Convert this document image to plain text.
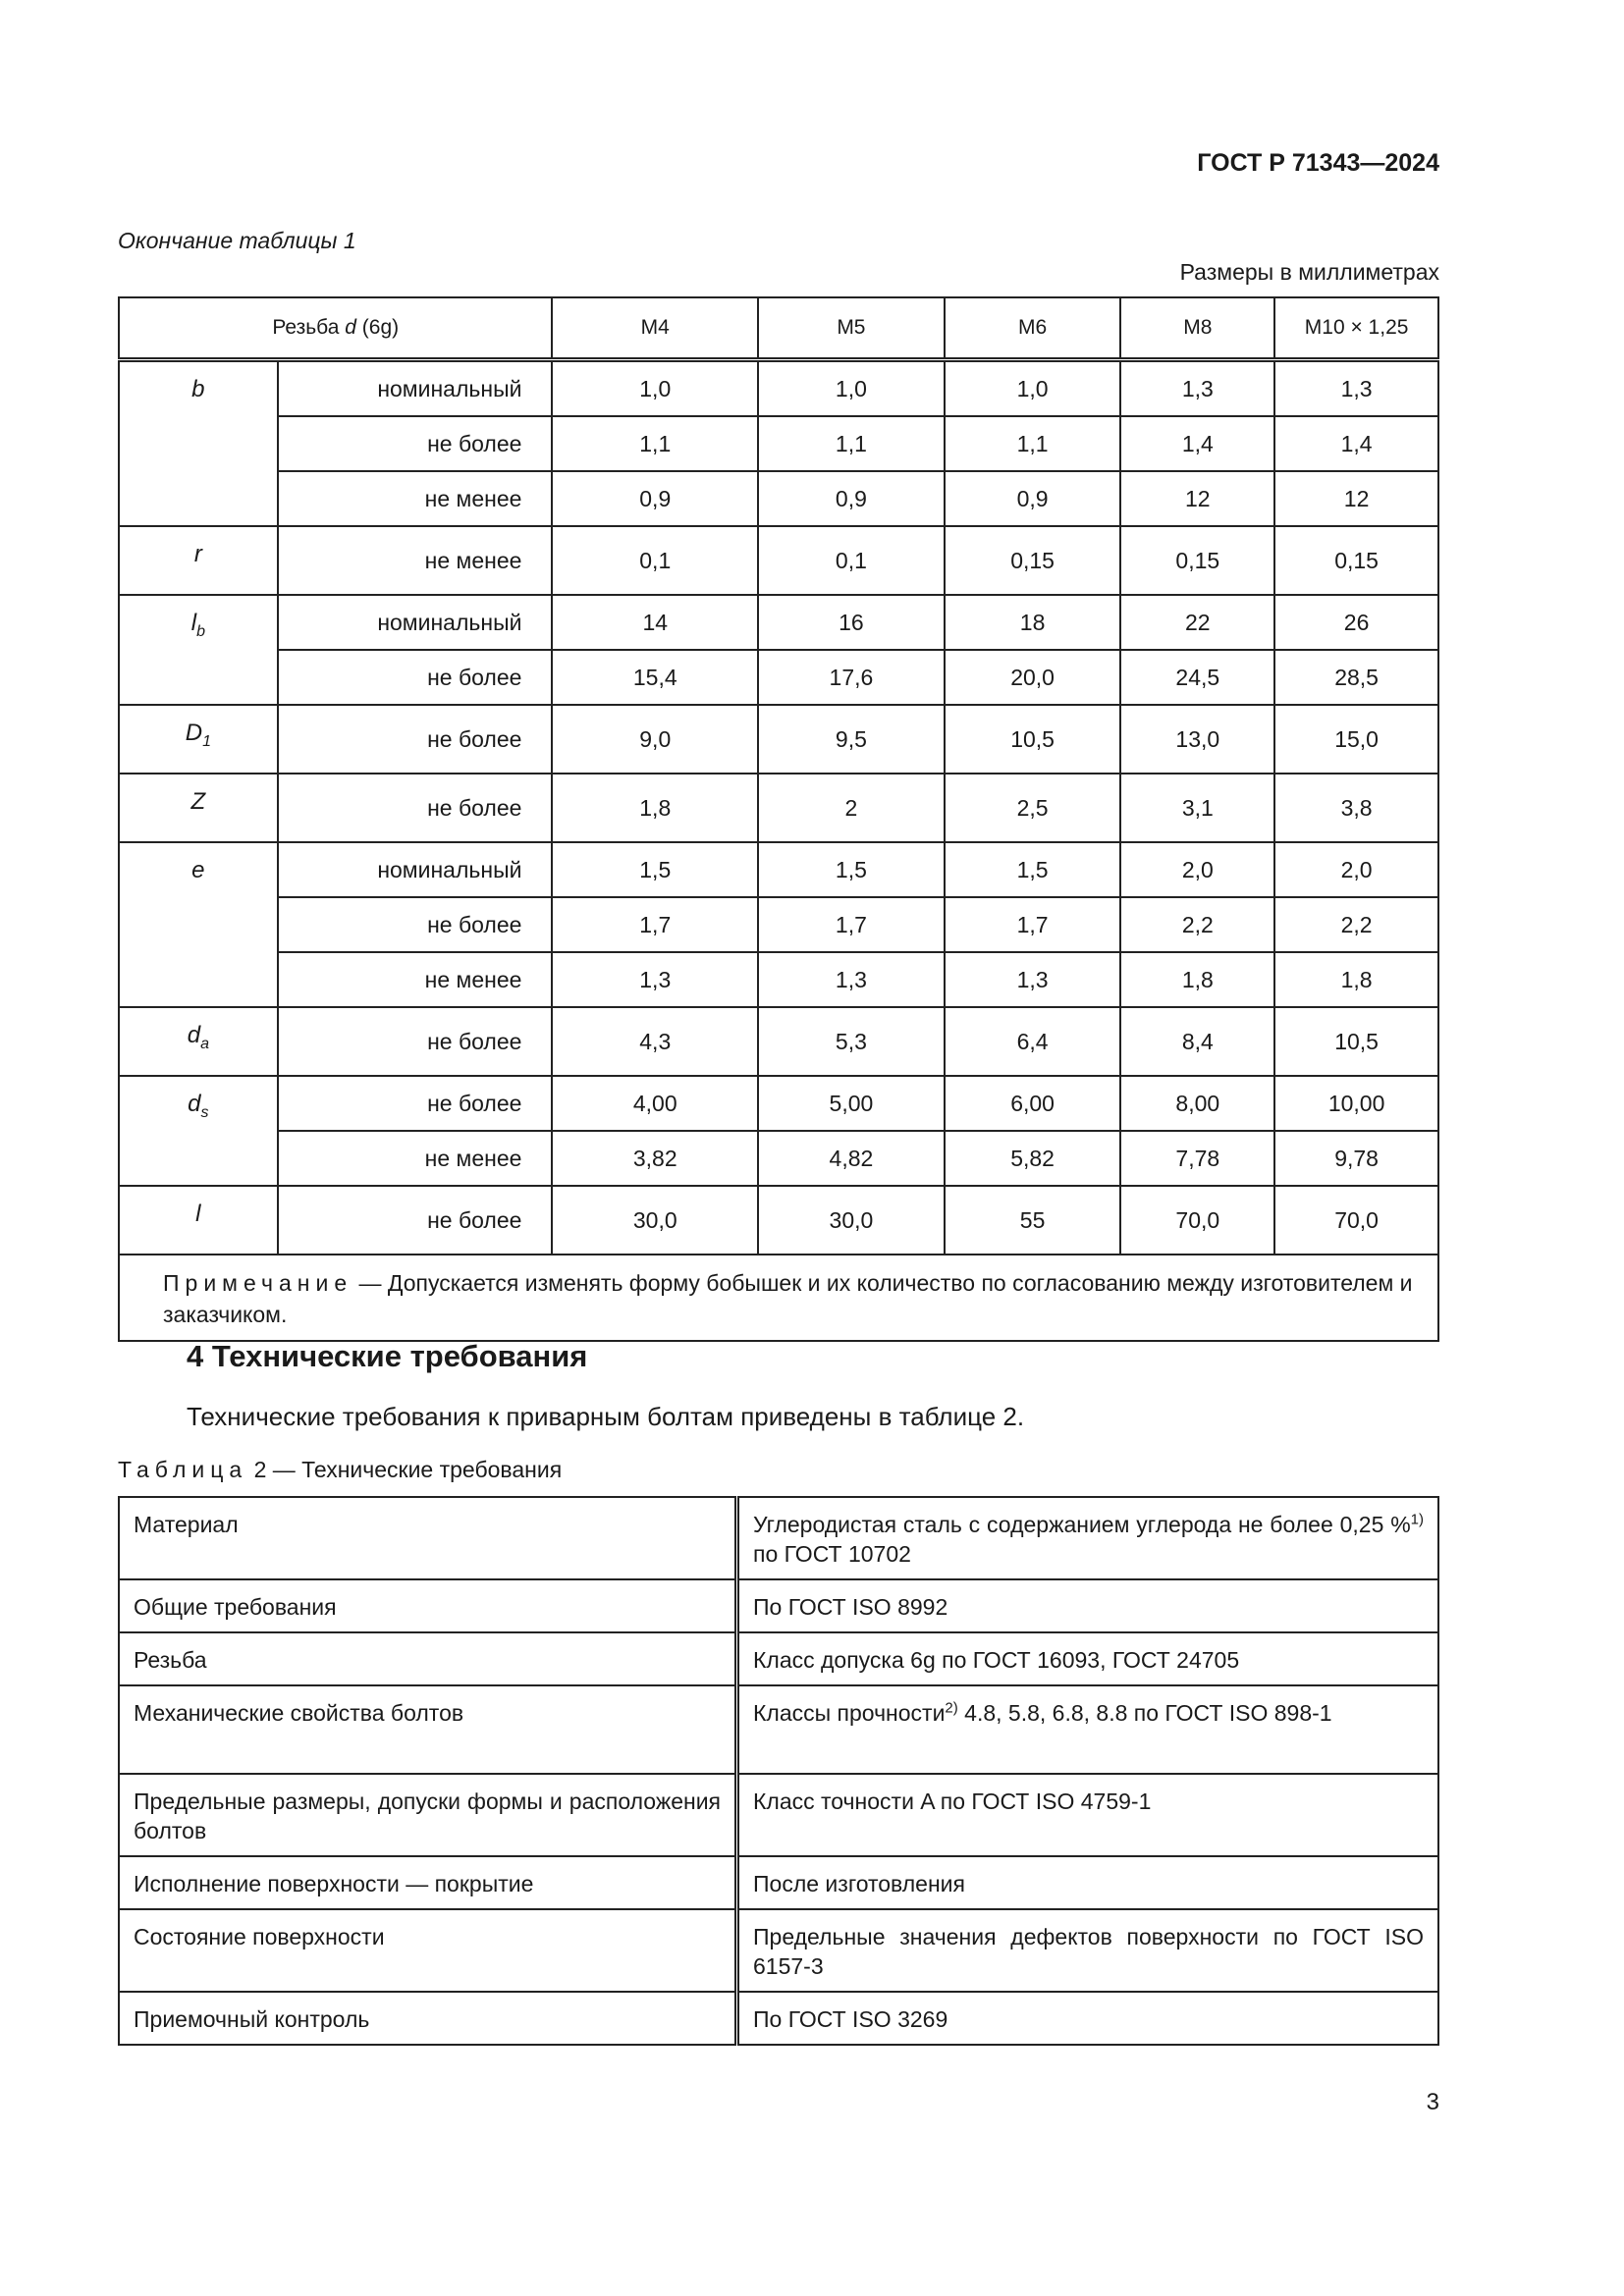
ГОСТ Р 71343—2024
Окончание таблицы 1
Размеры в миллиметрах
Резьба d (6g)		M4	M5	M6	M8	M10 × 1,25
b	номинальный	1,0	1,0	1,0	1,3	1,3
	не более	1,1	1,1	1,1	1,4	1,4
	не менее	0,9	0,9	0,9	12	12
r	не менее	0,1	0,1	0,15	0,15	0,15
$l_b$	номинальный	14	16	18	22	26
	не более	15,4	17,6	20,0	24,5	28,5
$D_1$	не более	9,0	9,5	10,5	13,0	15,0
Z	не более	1,8	2	2,5	3,1	3,8
e	номинальный	1,5	1,5	1,5	2,0	2,0
	не более	1,7	1,7	1,7	2,2	2,2
	не менее	1,3	1,3	1,3	1,8	1,8
$d_a$	не более	4,3	5,3	6,4	8,4	10,5
$d_s$	не более	4,00	5,00	6,00	8,00	10,00
	не менее	3,82	4,82	5,82	7,78	9,78
l	не более	30,0	30,0	55	70,0	70,0
Примечание — Допускается изменять форму бобышек и их количество по согласованию между изготовителем и заказчиком.						
4 Технические требования
Технические требования к приварным болтам приведены в таблице 2.
Таблица 2 — Технические требования
Материал	Углеродистая сталь с содержанием углерода не более 0,25 %$^{1)}$ по ГОСТ 10702
Общие требования	По ГОСТ ISO 8992
Резьба	Класс допуска 6g по ГОСТ 16093, ГОСТ 24705
Механические свойства болтов	Классы прочности$^{2)}$ 4.8, 5.8, 6.8, 8.8 по ГОСТ ISO 898-1
Предельные размеры, допуски формы и расположения болтов	Класс точности A по ГОСТ ISO 4759-1
Исполнение поверхности — покрытие	После изготовления
Состояние поверхности	Предельные значения дефектов поверхности по ГОСТ ISO 6157-3
Приемочный контроль	По ГОСТ ISO 3269
3
